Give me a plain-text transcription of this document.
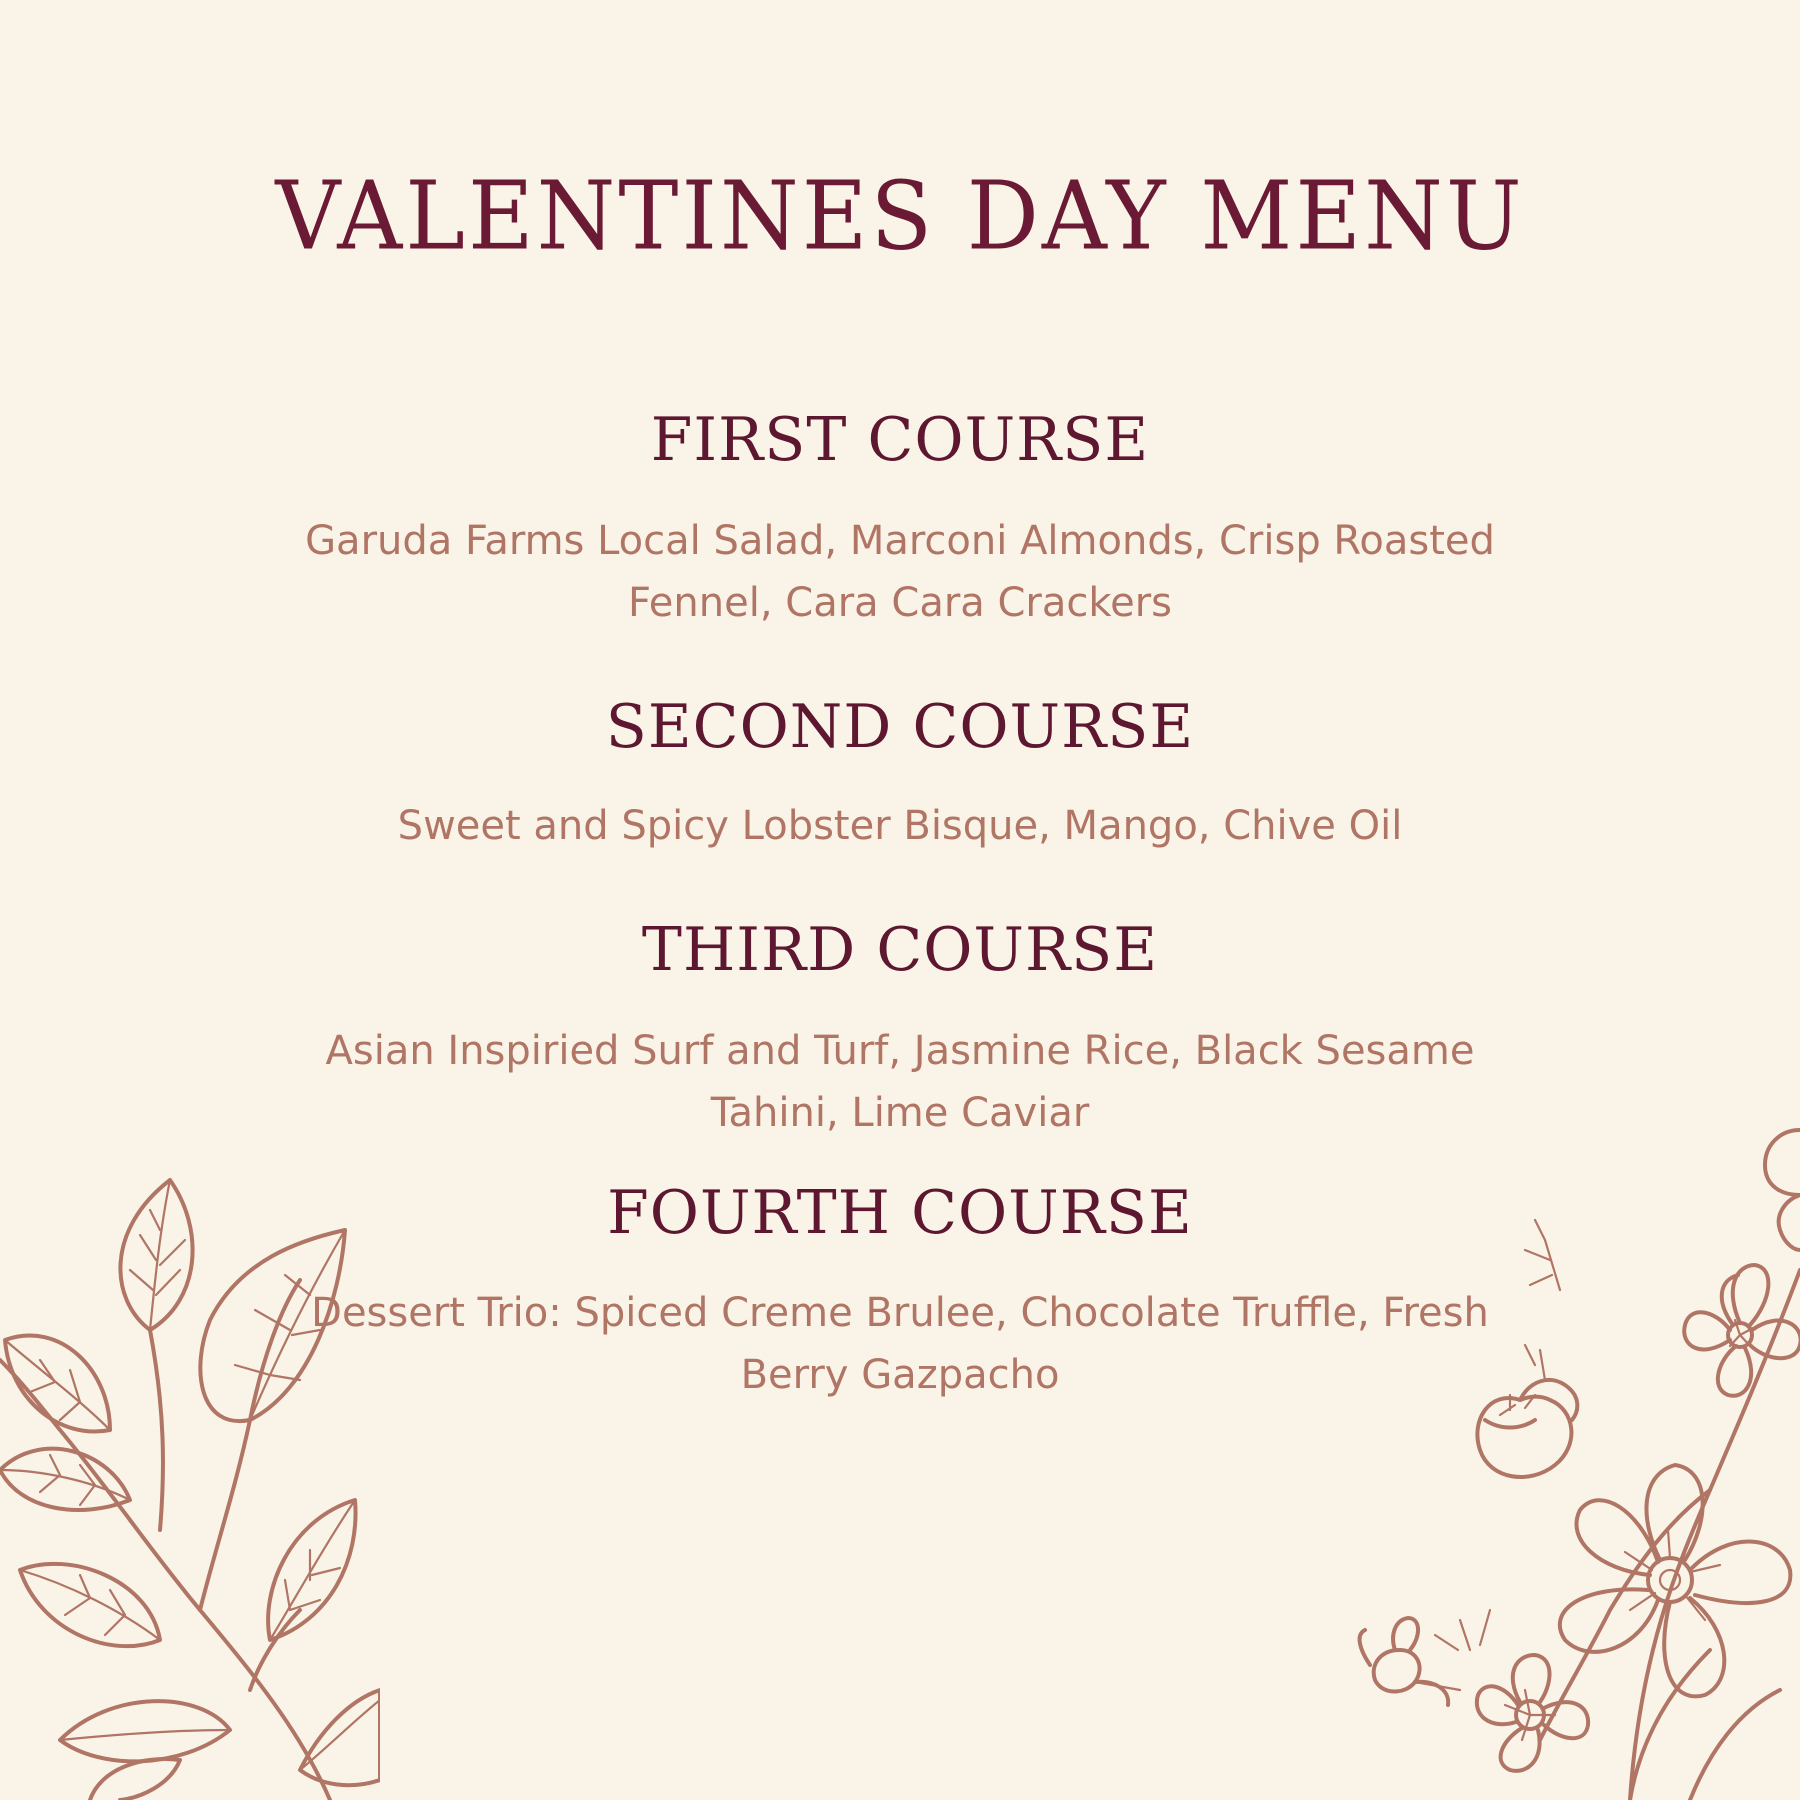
VALENTINES DAY MENU
FIRST COURSE

Garuda Farms Local Salad, Marconi Almonds, Crisp Roasted Fennel, Cara Cara Crackers

SECOND COURSE

Sweet and Spicy Lobster Bisque, Mango, Chive Oil

THIRD COURSE

Asian Inspiried Surf and Turf, Jasmine Rice, Black Sesame Tahini, Lime Caviar

FOURTH COURSE

Dessert Trio: Spiced Creme Brulee, Chocolate Truffle, Fresh Berry Gazpacho
